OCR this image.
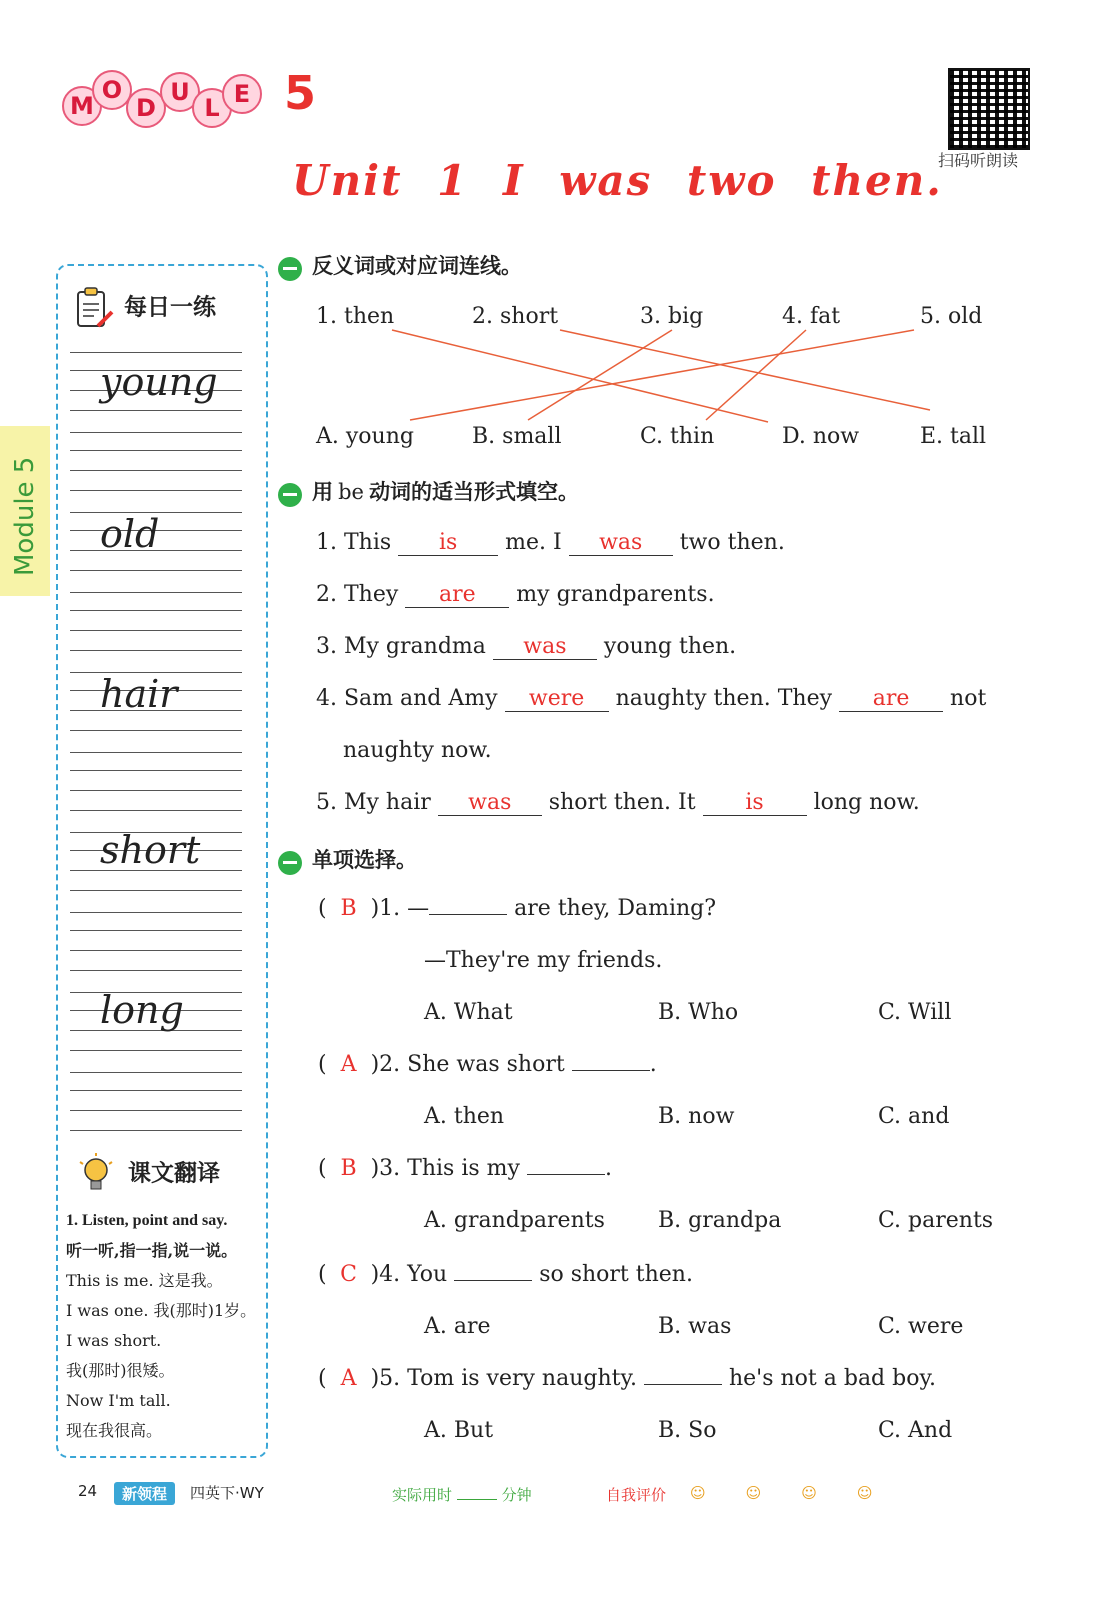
M
O
D
U
L E 5
扫码听朗读
Unit 1 I was two then.
Module 5
每日一练
young
old
hair
short
long
课文翻译
1. Listen, point and say.
听一听,指一指,说一说。
This is me. 这是我。
I was one. 我(那时)1岁。
I was short.
我(那时)很矮。
Now I'm tall.
现在我很高。
反义词或对应词连线。
1. then	2. short	3. big	4. fat	5. old
A. young	B. small	C. thin	D. now	E. tall
用 be 动词的适当形式填空。
1. This is me. I was two then.
2. They are my grandparents.
3. My grandma was young then.
4. Sam and Amy were naughty then. They are not
naughty now.
5. My hair was short then. It is long now.
单项选择。
( B )1. —	are they, Daming?
—They're my friends.
A. What	B. Who	C. Will
( A )2. She was short	.
A. then	B. now	C. and
( B )3. This is my	.
A. grandparents B. grandpa	C. parents
( C )4. You	so short then.
A. are	B. was	C. were
( A )5. Tom is very naughty.	he's not a bad boy.
A. But	B. So	C. And
24	新领程	四英下·WY	实际用时	分钟	自我评价 ☺☺☺☺
